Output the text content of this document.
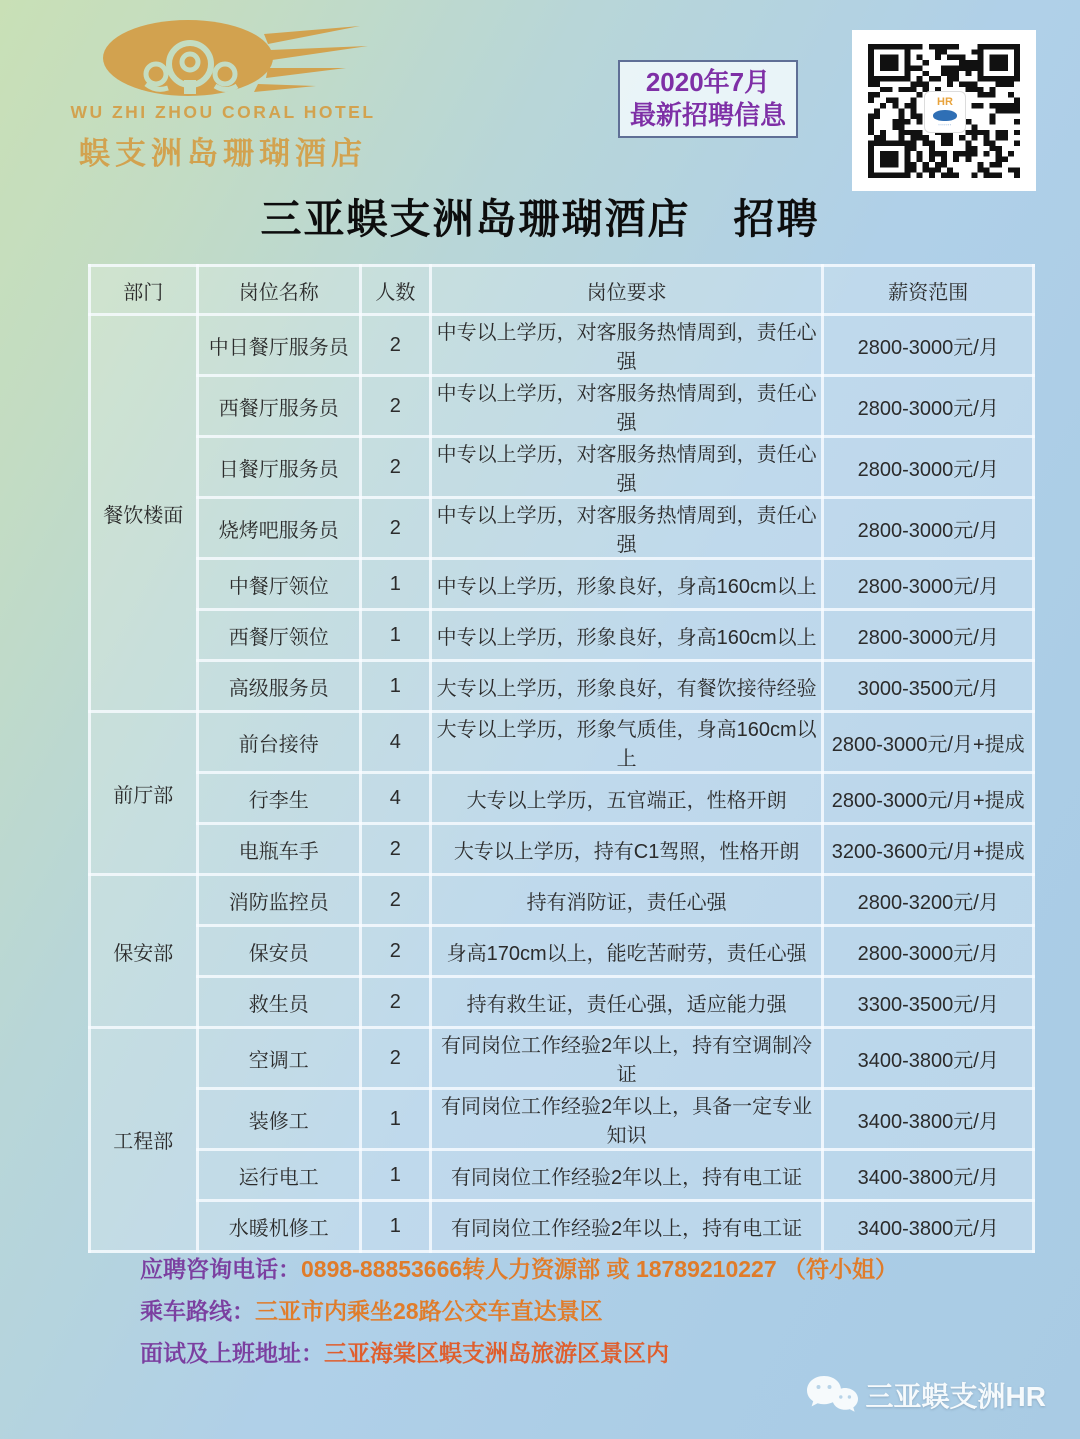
WU ZHI ZHOU CORAL HOTEL
蜈支洲岛珊瑚酒店
2020年7月
最新招聘信息	HR
◦◦◦◦◦◦◦
三亚蜈支洲岛珊瑚酒店　招聘
部门	岗位名称	人数	岗位要求	薪资范围
餐饮楼面	中日餐厅服务员	2	中专以上学历，对客服务热情周到，责任心强	2800-3000元/月
	西餐厅服务员	2	中专以上学历，对客服务热情周到，责任心强	2800-3000元/月
	日餐厅服务员	2	中专以上学历，对客服务热情周到，责任心强	2800-3000元/月
	烧烤吧服务员	2	中专以上学历，对客服务热情周到，责任心强	2800-3000元/月
	中餐厅领位	1	中专以上学历，形象良好，身高160cm以上	2800-3000元/月
	西餐厅领位	1	中专以上学历，形象良好，身高160cm以上	2800-3000元/月
	高级服务员	1	大专以上学历，形象良好，有餐饮接待经验	3000-3500元/月
前厅部	前台接待	4	大专以上学历，形象气质佳，身高160cm以上	2800-3000元/月+提成
	行李生	4	大专以上学历，五官端正，性格开朗	2800-3000元/月+提成
	电瓶车手	2	大专以上学历，持有C1驾照，性格开朗	3200-3600元/月+提成
保安部	消防监控员	2	持有消防证，责任心强	2800-3200元/月
	保安员	2	身高170cm以上，能吃苦耐劳，责任心强	2800-3000元/月
	救生员	2	持有救生证，责任心强，适应能力强	3300-3500元/月
工程部	空调工	2	有同岗位工作经验2年以上，持有空调制冷证	3400-3800元/月
	装修工	1	有同岗位工作经验2年以上，具备一定专业知识	3400-3800元/月
	运行电工	1	有同岗位工作经验2年以上，持有电工证	3400-3800元/月
	水暖机修工	1	有同岗位工作经验2年以上，持有电工证	3400-3800元/月
应聘咨询电话：0898-88853666转人力资源部 或 18789210227 （符小姐）
乘车路线：三亚市内乘坐28路公交车直达景区
面试及上班地址：三亚海棠区蜈支洲岛旅游区景区内
三亚蜈支洲HR
